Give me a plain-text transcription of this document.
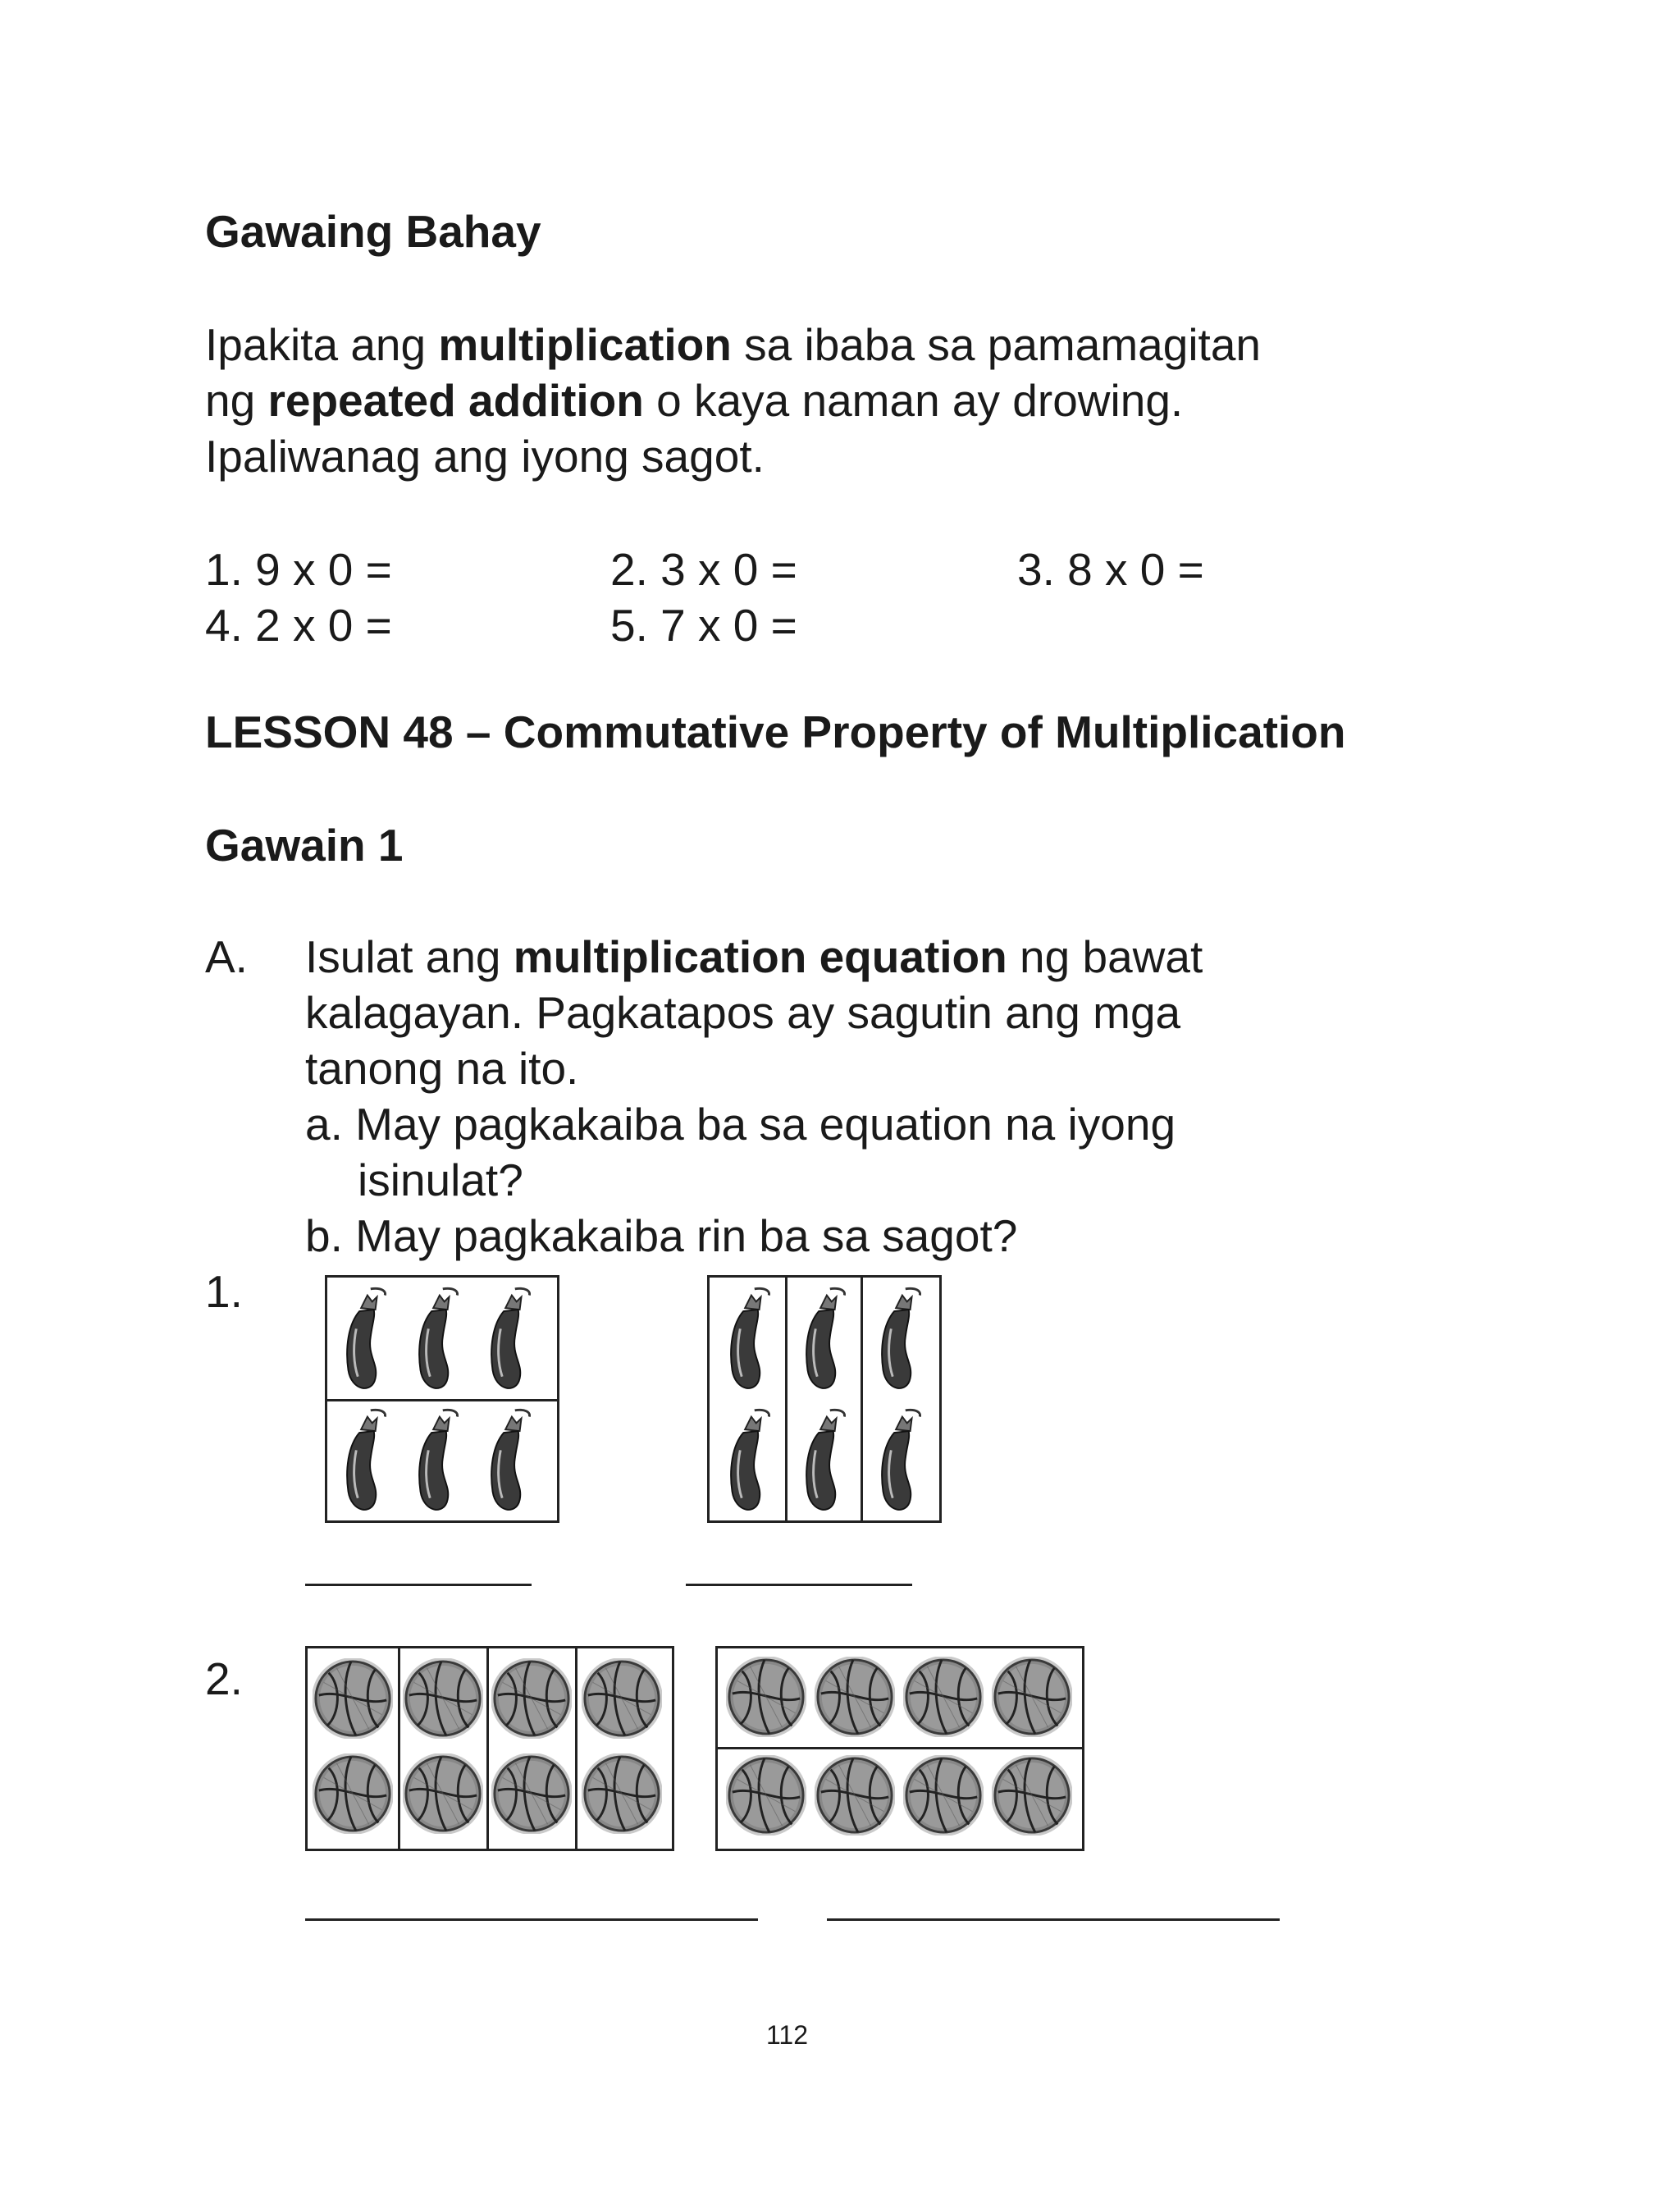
Gawaing Bahay
Ipakita ang multiplication sa ibaba sa pamamagitan
ng repeated addition o kaya naman ay drowing.
Ipaliwanag ang iyong sagot.
1. 9 x 0 =	2. 3 x 0 =	3. 8 x 0 =
4. 2 x 0 =	5. 7 x 0 =
LESSON 48 – Commutative Property of Multiplication
Gawain 1
A. Isulat ang multiplication equation ng bawat
kalagayan. Pagkatapos ay sagutin ang mga
tanong na ito.
a. May pagkakaiba ba sa equation na iyong
isinulat?
b. May pagkakaiba rin ba sa sagot?
1.
2.
112
